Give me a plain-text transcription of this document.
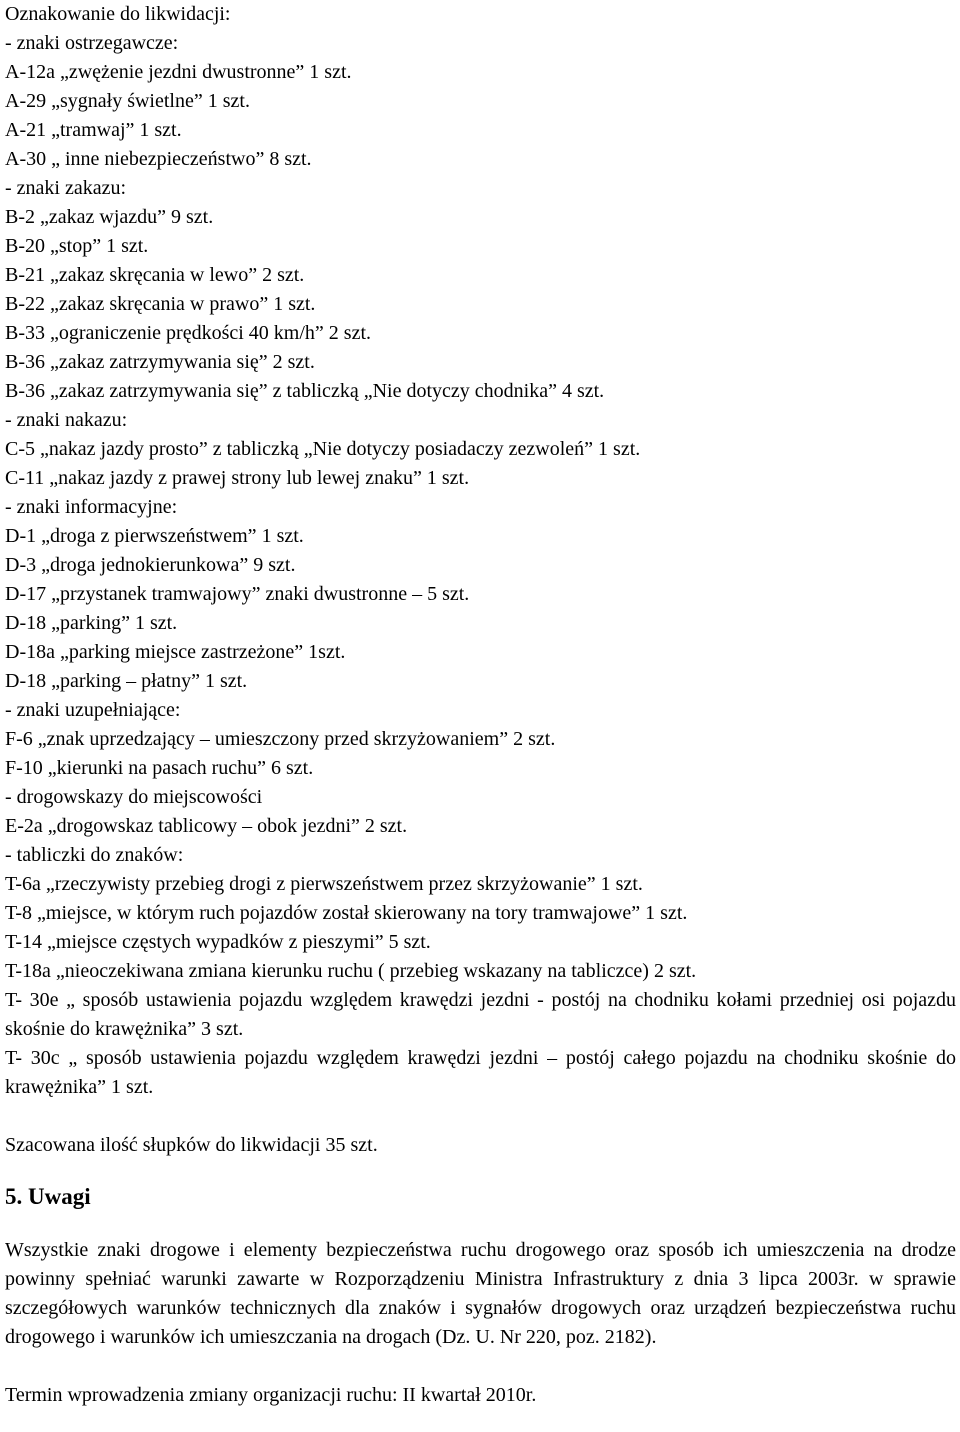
Oznakowanie do likwidacji:
- znaki ostrzegawcze:
A-12a „zwężenie jezdni dwustronne” 1 szt.
A-29 „sygnały świetlne” 1 szt.
A-21 „tramwaj” 1 szt.
A-30 „ inne niebezpieczeństwo” 8 szt.
- znaki zakazu:
B-2 „zakaz wjazdu” 9 szt.
B-20 „stop” 1 szt.
B-21 „zakaz skręcania w lewo” 2 szt.
B-22 „zakaz skręcania w prawo” 1 szt.
B-33 „ograniczenie prędkości 40 km/h” 2 szt.
B-36 „zakaz zatrzymywania się” 2 szt.
B-36 „zakaz zatrzymywania się” z tabliczką „Nie dotyczy chodnika” 4 szt.
- znaki nakazu:
C-5 „nakaz jazdy prosto” z tabliczką „Nie dotyczy posiadaczy zezwoleń” 1 szt.
C-11 „nakaz jazdy z prawej strony lub lewej znaku” 1 szt.
- znaki informacyjne:
D-1 „droga z pierwszeństwem” 1 szt.
D-3 „droga jednokierunkowa” 9 szt.
D-17 „przystanek tramwajowy” znaki dwustronne – 5 szt.
D-18 „parking” 1 szt.
D-18a „parking miejsce zastrzeżone” 1szt.
D-18 „parking – płatny” 1 szt.
- znaki uzupełniające:
F-6 „znak uprzedzający – umieszczony przed skrzyżowaniem” 2 szt.
F-10 „kierunki na pasach ruchu” 6 szt.
- drogowskazy do miejscowości
E-2a „drogowskaz tablicowy – obok jezdni” 2 szt.
- tabliczki do znaków:
T-6a „rzeczywisty przebieg drogi z pierwszeństwem przez skrzyżowanie” 1 szt.
T-8 „miejsce, w którym ruch pojazdów został skierowany na tory tramwajowe” 1 szt.
T-14 „miejsce częstych wypadków z pieszymi” 5 szt.
T-18a „nieoczekiwana zmiana kierunku ruchu ( przebieg wskazany na tabliczce) 2 szt.
T- 30e „ sposób ustawienia pojazdu względem krawędzi jezdni - postój na chodniku kołami przedniej osi pojazdu skośnie do krawężnika” 3 szt.
T- 30c „ sposób ustawienia pojazdu względem krawędzi jezdni – postój całego pojazdu na chodniku skośnie do krawężnika” 1 szt.
Szacowana ilość słupków do likwidacji 35 szt.
5. Uwagi
Wszystkie znaki drogowe i elementy bezpieczeństwa ruchu drogowego oraz sposób ich umieszczenia na drodze powinny spełniać warunki zawarte w Rozporządzeniu Ministra Infrastruktury z dnia 3 lipca 2003r. w sprawie szczegółowych warunków technicznych dla znaków i sygnałów drogowych oraz urządzeń bezpieczeństwa ruchu drogowego i warunków ich umieszczania na drogach (Dz. U. Nr 220, poz. 2182).
Termin wprowadzenia zmiany organizacji ruchu: II kwartał 2010r.
